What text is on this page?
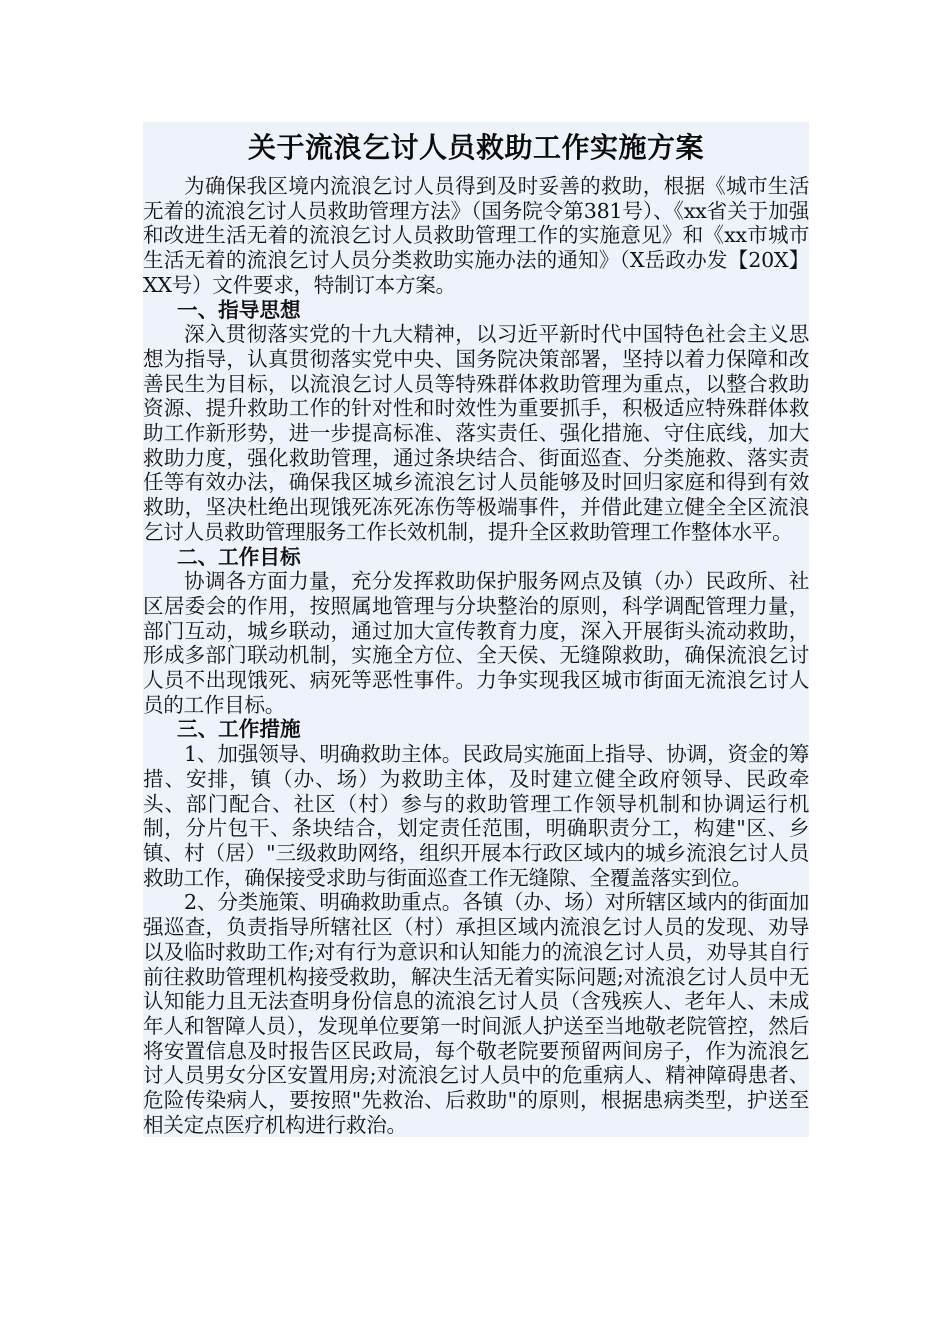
关于流浪乞讨人员救助工作实施方案

为确保我区境内流浪乞讨人员得到及时妥善的救助，根据《城市生活无着的流浪乞讨人员救助管理方法》（国务院令第381号）、《xx省关于加强和改进生活无着的流浪乞讨人员救助管理工作的实施意见》和《xx市城市生活无着的流浪乞讨人员分类救助实施办法的通知》（X岳政办发【20X】XX号）文件要求，特制订本方案。

一、指导思想

深入贯彻落实党的十九大精神，以习近平新时代中国特色社会主义思想为指导，认真贯彻落实党中央、国务院决策部署，坚持以着力保障和改善民生为目标，以流浪乞讨人员等特殊群体救助管理为重点，以整合救助资源、提升救助工作的针对性和时效性为重要抓手，积极适应特殊群体救助工作新形势，进一步提高标准、落实责任、强化措施、守住底线，加大救助力度，强化救助管理，通过条块结合、街面巡查、分类施救、落实责任等有效办法，确保我区城乡流浪乞讨人员能够及时回归家庭和得到有效救助，坚决杜绝出现饿死冻死冻伤等极端事件，并借此建立健全全区流浪乞讨人员救助管理服务工作长效机制，提升全区救助管理工作整体水平。

二、工作目标

协调各方面力量，充分发挥救助保护服务网点及镇（办）民政所、社区居委会的作用，按照属地管理与分块整治的原则，科学调配管理力量，部门互动，城乡联动，通过加大宣传教育力度，深入开展街头流动救助，形成多部门联动机制，实施全方位、全天侯、无缝隙救助，确保流浪乞讨人员不出现饿死、病死等恶性事件。力争实现我区城市街面无流浪乞讨人员的工作目标。

三、工作措施

1、加强领导、明确救助主体。民政局实施面上指导、协调，资金的筹措、安排，镇（办、场）为救助主体，及时建立健全政府领导、民政牵头、部门配合、社区（村）参与的救助管理工作领导机制和协调运行机制，分片包干、条块结合，划定责任范围，明确职责分工，构建"区、乡镇、村（居）"三级救助网络，组织开展本行政区域内的城乡流浪乞讨人员救助工作，确保接受求助与街面巡查工作无缝隙、全覆盖落实到位。

2、分类施策、明确救助重点。各镇（办、场）对所辖区域内的街面加强巡查，负责指导所辖社区（村）承担区域内流浪乞讨人员的发现、劝导以及临时救助工作;对有行为意识和认知能力的流浪乞讨人员，劝导其自行前往救助管理机构接受救助，解决生活无着实际问题;对流浪乞讨人员中无认知能力且无法查明身份信息的流浪乞讨人员（含残疾人、老年人、未成年人和智障人员），发现单位要第一时间派人护送至当地敬老院管控，然后将安置信息及时报告区民政局，每个敬老院要预留两间房子，作为流浪乞讨人员男女分区安置用房;对流浪乞讨人员中的危重病人、精神障碍患者、危险传染病人，要按照"先救治、后救助"的原则，根据患病类型，护送至相关定点医疗机构进行救治。
